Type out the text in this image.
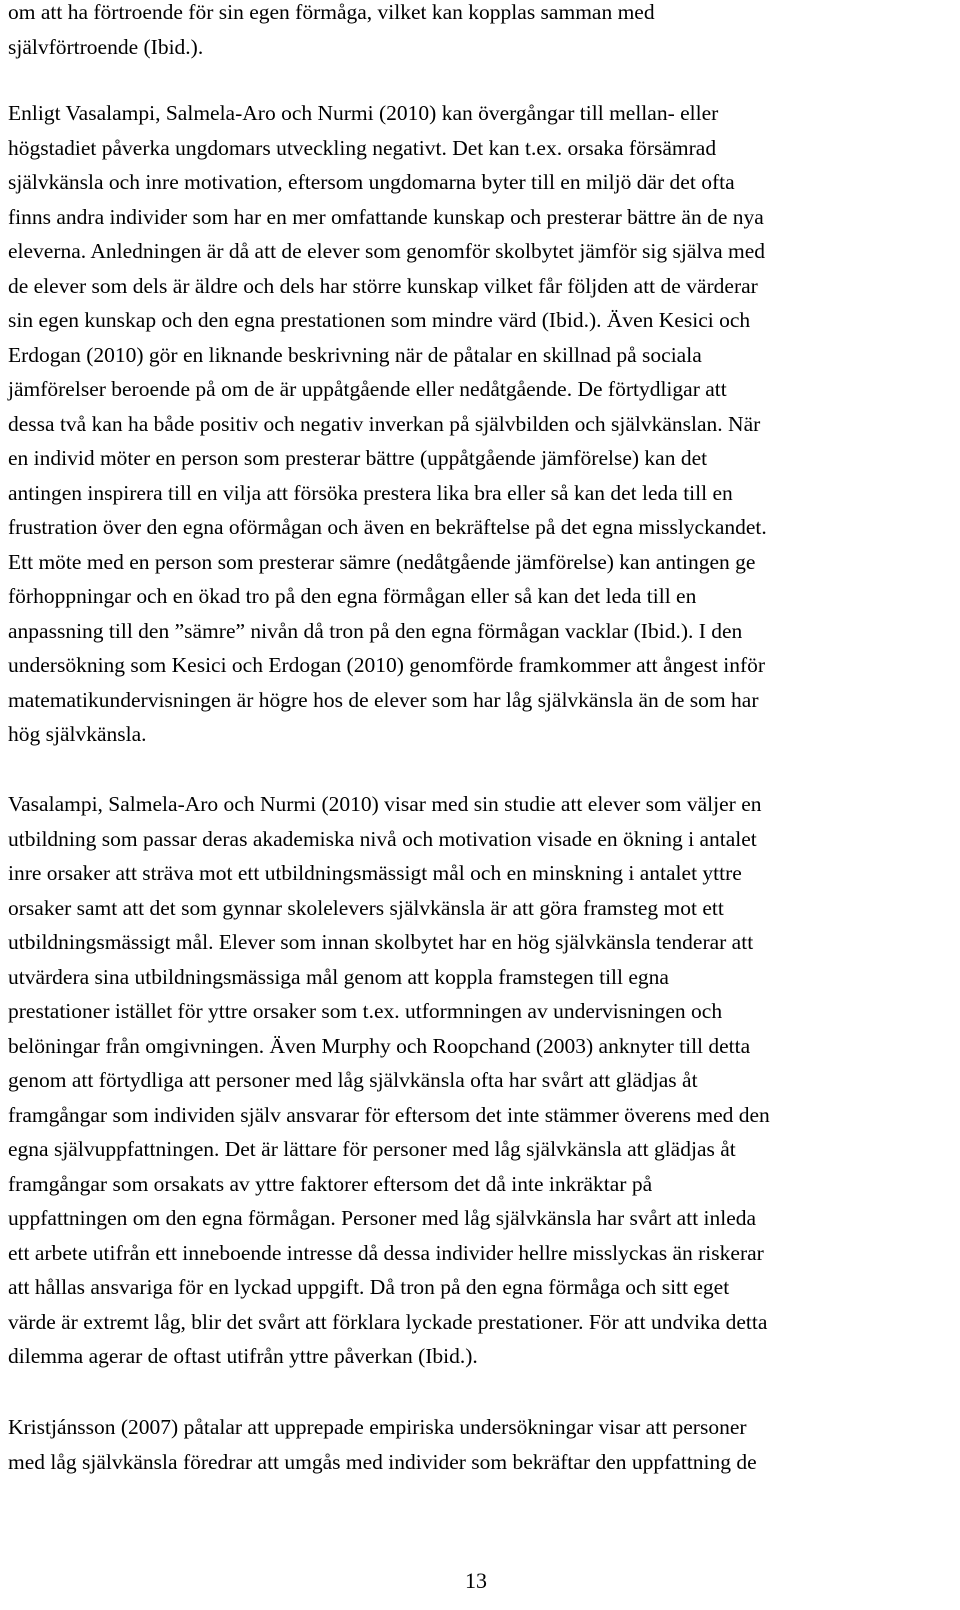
om att ha förtroende för sin egen förmåga, vilket kan kopplas samman med
självförtroende (Ibid.).

Enligt Vasalampi, Salmela-Aro och Nurmi (2010) kan övergångar till mellan- eller
högstadiet påverka ungdomars utveckling negativt. Det kan t.ex. orsaka försämrad
självkänsla och inre motivation, eftersom ungdomarna byter till en miljö där det ofta
finns andra individer som har en mer omfattande kunskap och presterar bättre än de nya
eleverna. Anledningen är då att de elever som genomför skolbytet jämför sig själva med
de elever som dels är äldre och dels har större kunskap vilket får följden att de värderar
sin egen kunskap och den egna prestationen som mindre värd (Ibid.). Även Kesici och
Erdogan (2010) gör en liknande beskrivning när de påtalar en skillnad på sociala
jämförelser beroende på om de är uppåtgående eller nedåtgående. De förtydligar att
dessa två kan ha både positiv och negativ inverkan på självbilden och självkänslan. När
en individ möter en person som presterar bättre (uppåtgående jämförelse) kan det
antingen inspirera till en vilja att försöka prestera lika bra eller så kan det leda till en
frustration över den egna oförmågan och även en bekräftelse på det egna misslyckandet.
Ett möte med en person som presterar sämre (nedåtgående jämförelse) kan antingen ge
förhoppningar och en ökad tro på den egna förmågan eller så kan det leda till en
anpassning till den ”sämre” nivån då tron på den egna förmågan vacklar (Ibid.). I den
undersökning som Kesici och Erdogan (2010) genomförde framkommer att ångest inför
matematikundervisningen är högre hos de elever som har låg självkänsla än de som har
hög självkänsla.

Vasalampi, Salmela-Aro och Nurmi (2010) visar med sin studie att elever som väljer en
utbildning som passar deras akademiska nivå och motivation visade en ökning i antalet
inre orsaker att sträva mot ett utbildningsmässigt mål och en minskning i antalet yttre
orsaker samt att det som gynnar skolelevers självkänsla är att göra framsteg mot ett
utbildningsmässigt mål. Elever som innan skolbytet har en hög självkänsla tenderar att
utvärdera sina utbildningsmässiga mål genom att koppla framstegen till egna
prestationer istället för yttre orsaker som t.ex. utformningen av undervisningen och
belöningar från omgivningen. Även Murphy och Roopchand (2003) anknyter till detta
genom att förtydliga att personer med låg självkänsla ofta har svårt att glädjas åt
framgångar som individen själv ansvarar för eftersom det inte stämmer överens med den
egna självuppfattningen. Det är lättare för personer med låg självkänsla att glädjas åt
framgångar som orsakats av yttre faktorer eftersom det då inte inkräktar på
uppfattningen om den egna förmågan. Personer med låg självkänsla har svårt att inleda
ett arbete utifrån ett inneboende intresse då dessa individer hellre misslyckas än riskerar
att hållas ansvariga för en lyckad uppgift. Då tron på den egna förmåga och sitt eget
värde är extremt låg, blir det svårt att förklara lyckade prestationer. För att undvika detta
dilemma agerar de oftast utifrån yttre påverkan (Ibid.).

Kristjánsson (2007) påtalar att upprepade empiriska undersökningar visar att personer
med låg självkänsla föredrar att umgås med individer som bekräftar den uppfattning de

13
